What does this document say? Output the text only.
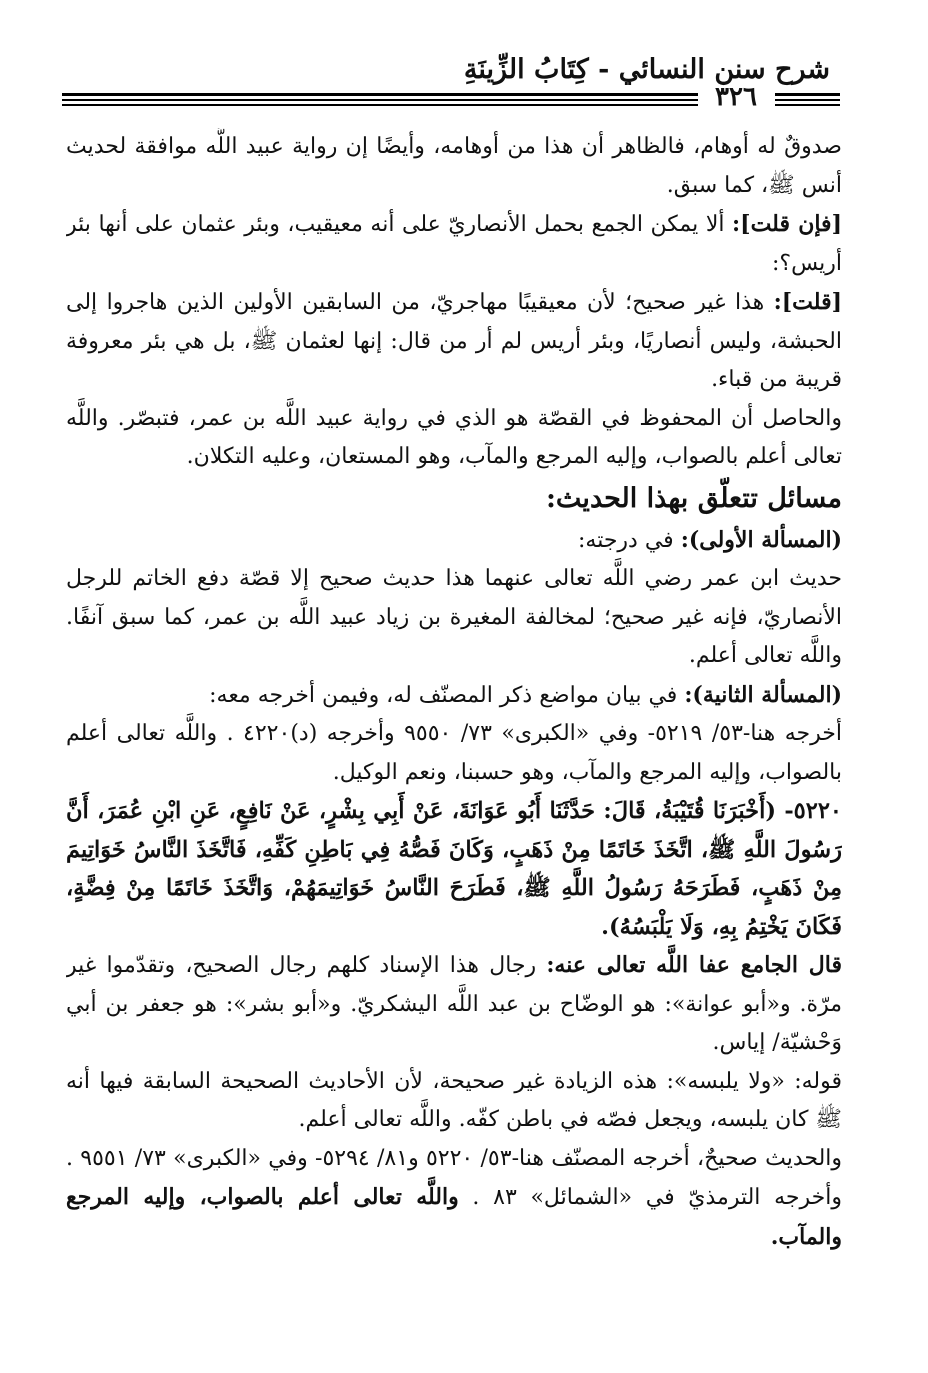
شرح سنن النسائي - كِتَابُ الزِّينَةِ
٣٢٦

صدوقٌ له أوهام، فالظاهر أن هذا من أوهامه، وأيضًا إن رواية عبيد اللَّه موافقة لحديث أنس ﷺ، كما سبق.

[فإن قلت]: ألا يمكن الجمع بحمل الأنصاريّ على أنه معيقيب، وبئر عثمان على أنها بئر أريس؟:

[قلت]: هذا غير صحيح؛ لأن معيقيبًا مهاجريّ، من السابقين الأولين الذين هاجروا إلى الحبشة، وليس أنصاريًا، وبئر أريس لم أر من قال: إنها لعثمان ﷺ، بل هي بئر معروفة قريبة من قباء.

والحاصل أن المحفوظ في القصّة هو الذي في رواية عبيد اللَّه بن عمر، فتبصّر. واللَّه تعالى أعلم بالصواب، وإليه المرجع والمآب، وهو المستعان، وعليه التكلان.

مسائل تتعلّق بهذا الحديث:

(المسألة الأولى): في درجته:

حديث ابن عمر رضي اللَّه تعالى عنهما هذا حديث صحيح إلا قصّة دفع الخاتم للرجل الأنصاريّ، فإنه غير صحيح؛ لمخالفة المغيرة بن زياد عبيد اللَّه بن عمر، كما سبق آنفًا. واللَّه تعالى أعلم.

(المسألة الثانية): في بيان مواضع ذكر المصنّف له، وفيمن أخرجه معه:

أخرجه هنا-٥٣/ ٥٢١٩- وفي «الكبرى» ٧٣/ ٩٥٥٠ وأخرجه (د)٤٢٢٠ . واللَّه تعالى أعلم بالصواب، وإليه المرجع والمآب، وهو حسبنا، ونعم الوكيل.

٥٢٢٠- (أَخْبَرَنَا قُتَيْبَةُ، قَالَ: حَدَّثَنَا أَبُو عَوَانَةَ، عَنْ أَبِي بِشْرٍ، عَنْ نَافِعٍ، عَنِ ابْنِ عُمَرَ، أَنَّ رَسُولَ اللَّهِ ﷺ، اتَّخَذَ خَاتَمًا مِنْ ذَهَبٍ، وَكَانَ فَصُّهُ فِي بَاطِنِ كَفِّهِ، فَاتَّخَذَ النَّاسُ خَوَاتِيمَ مِنْ ذَهَبٍ، فَطَرَحَهُ رَسُولُ اللَّهِ ﷺ، فَطَرَحَ النَّاسُ خَوَاتِيمَهُمْ، وَاتَّخَذَ خَاتَمًا مِنْ فِضَّةٍ، فَكَانَ يَخْتِمُ بِهِ، وَلَا يَلْبَسُهُ).

قال الجامع عفا اللَّه تعالى عنه: رجال هذا الإسناد كلهم رجال الصحيح، وتقدّموا غير مرّة. و«أبو عوانة»: هو الوضّاح بن عبد اللَّه اليشكريّ. و«أبو بشر»: هو جعفر بن أبي وَحْشيّة/ إياس.

قوله: «ولا يلبسه»: هذه الزيادة غير صحيحة، لأن الأحاديث الصحيحة السابقة فيها أنه ﷺ كان يلبسه، ويجعل فصّه في باطن كفّه. واللَّه تعالى أعلم.

والحديث صحيحٌ، أخرجه المصنّف هنا-٥٣/ ٥٢٢٠ و٨١/ ٥٢٩٤- وفي «الكبرى» ٧٣/ ٩٥٥١ . وأخرجه الترمذيّ في «الشمائل» ٨٣ . واللَّه تعالى أعلم بالصواب، وإليه المرجع والمآب.
